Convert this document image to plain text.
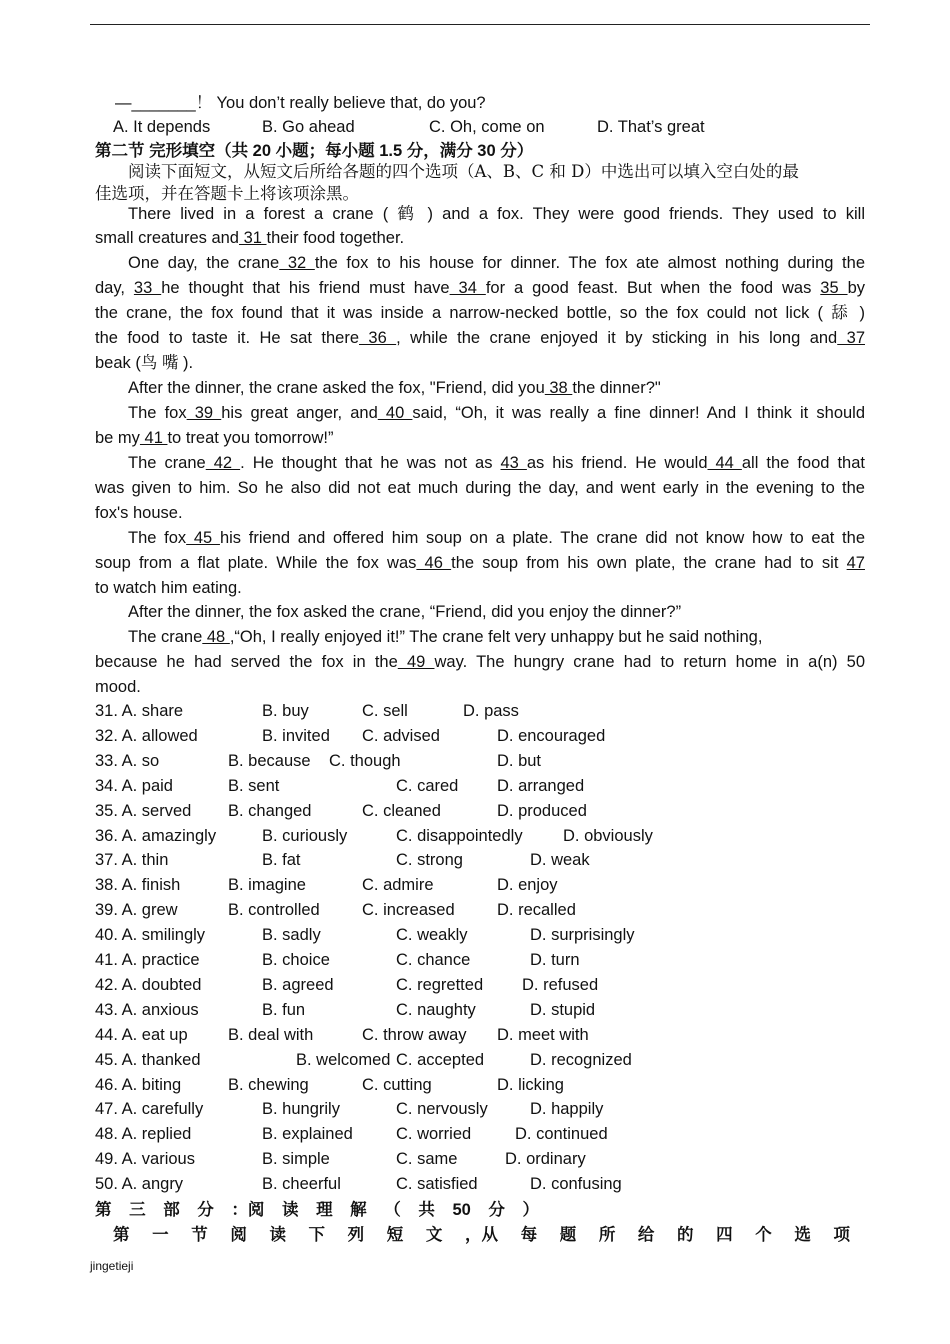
—_______！ You don’t really believe that, do you?
A. It depends	B. Go ahead	C. Oh, come on	D. That’s great
第二节 完形填空（共 20 小题；每小题 1.5 分，满分 30 分）
阅读下面短文，从短文后所给各题的四个选项（A、B、C 和 D）中选出可以填入空白处的最
佳选项，并在答题卡上将该项涂黑。
There lived in a forest a crane ( 鹤 ) and a fox. They were good friends. They used to kill
small creatures and 31 their food together.
One day, the crane 32 the fox to his house for dinner. The fox ate almost nothing during the
day, 33 he thought that his friend must have 34 for a good feast. But when the food was 35 by
the crane, the fox found that it was inside a narrow-necked bottle, so the fox could not lick ( 舔 )
the food to taste it. He sat there 36 , while the crane enjoyed it by sticking in his long and 37
beak (鸟 嘴 ).
After the dinner, the crane asked the fox, "Friend, did you 38 the dinner?"
The fox 39 his great anger, and 40 said, “Oh, it was really a fine dinner! And I think it should
be my 41 to treat you tomorrow!”
The crane 42 . He thought that he was not as 43 as his friend. He would 44 all the food that
was given to him. So he also did not eat much during the day, and went early in the evening to the
fox's house.
The fox 45 his friend and offered him soup on a plate. The crane did not know how to eat the
soup from a flat plate. While the fox was 46 the soup from his own plate, the crane had to sit 47
to watch him eating.
After the dinner, the fox asked the crane, “Friend, did you enjoy the dinner?”
The crane 48 ,“Oh, I really enjoyed it!” The crane felt very unhappy but he said nothing,
because he had served the fox in the 49 way. The hungry crane had to return home in a(n) 50
mood.
31. A. share	B. buy	C. sell	D. pass
32. A. allowed	B. invited C. advised	D. encouraged
33. A. so	B. because C. though	D. but
34. A. paid	B. sent	C. cared D. arranged
35. A. served B. changed	C. cleaned	D. produced
36. A. amazingly	B. curiously	C. disappointedly D. obviously
37. A. thin	B. fat	C. strong	D. weak
38. A. finish	B. imagine	C. admire	D. enjoy
39. A. grew	B. controlled	C. increased	D. recalled
40. A. smilingly	B. sadly	C. weakly	D. surprisingly
41. A. practice	B. choice	C. chance	D. turn
42. A. doubted	B. agreed	C. regretted D. refused
43. A. anxious	B. fun	C. naughty	D. stupid
44. A. eat up B. deal with	C. throw away D. meet with
45. A. thanked	B. welcomed C. accepted	D. recognized
46. A. biting	B. chewing	C. cutting	D. licking
47. A. carefully	B. hungrily	C. nervously	D. happily
48. A. replied	B. explained	C. worried	D. continued
49. A. various	B. simple	C. same	D. ordinary
50. A. angry	B. cheerful	C. satisfied	D. confusing
第 三 部 分 ：阅 读 理 解 （ 共 50 分 ）
第 一 节 阅 读 下 列 短 文 ，从 每 题 所 给 的 四 个 选 项
jingetieji
